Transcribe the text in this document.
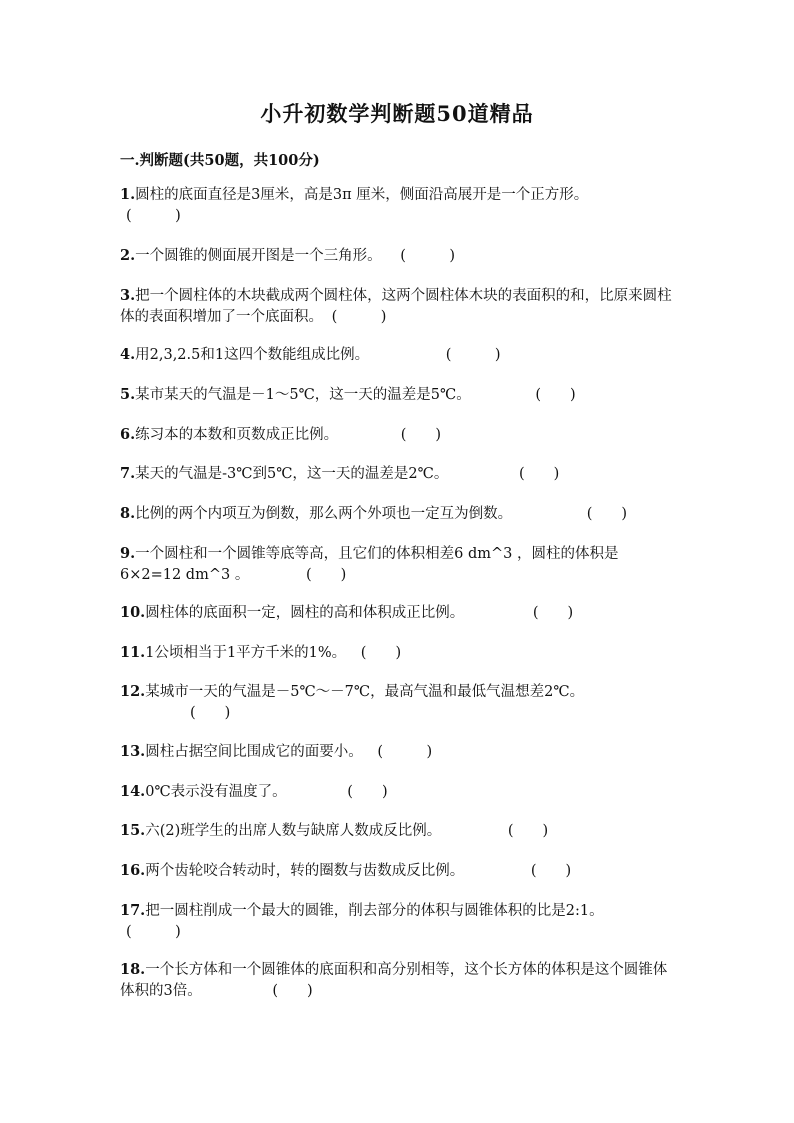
小升初数学判断题50道精品
一.判断题(共50题，共100分)
1.圆柱的底面直径是3厘米，高是3π 厘米，侧面沿高展开是一个正方形。
(　　　)
2.一个圆锥的侧面展开图是一个三角形。 (　　　)
3.把一个圆柱体的木块截成两个圆柱体，这两个圆柱体木块的表面积的和，比原来圆柱体的表面积增加了一个底面积。 (　　　)
4.用2,3,2.5和1这四个数能组成比例。	(　　　)
5.某市某天的气温是－1～5℃，这一天的温差是5℃。	(　　)
6.练习本的本数和页数成正比例。	(　　)
7.某天的气温是-3℃到5℃，这一天的温差是2℃。	(　　)
8.比例的两个内项互为倒数，那么两个外项也一定互为倒数。	(　　)
9.一个圆柱和一个圆锥等底等高，且它们的体积相差6 dm^3 ，圆柱的体积是6×2=12 dm^3 。	(　　)
10.圆柱体的底面积一定，圆柱的高和体积成正比例。	(　　)
11.1公顷相当于1平方千米的1%。 (　　)
12.某城市一天的气温是－5℃～－7℃，最高气温和最低气温想差2℃。
(　　)
13.圆柱占据空间比围成它的面要小。 (　　　)
14.0℃表示没有温度了。	(　　)
15.六(2)班学生的出席人数与缺席人数成反比例。	(　　)
16.两个齿轮咬合转动时，转的圈数与齿数成反比例。	(　　)
17.把一圆柱削成一个最大的圆锥，削去部分的体积与圆锥体积的比是2:1。
(　　　)
18.一个长方体和一个圆锥体的底面积和高分别相等，这个长方体的体积是这个圆锥体体积的3倍。	(　　)
